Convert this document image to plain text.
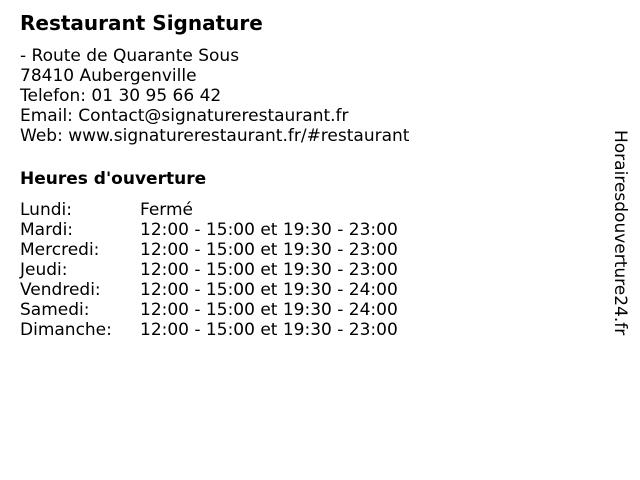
Restaurant Signature
- Route de Quarante Sous
78410 Aubergenville
Telefon: 01 30 95 66 42
Email: Contact@signaturerestaurant.fr
Web: www.signaturerestaurant.fr/#restaurant
Heures d'ouverture
Lundi:	Fermé
Mardi:	12:00 - 15:00 et 19:30 - 23:00
Mercredi:	12:00 - 15:00 et 19:30 - 23:00
Jeudi:	12:00 - 15:00 et 19:30 - 23:00
Vendredi:	12:00 - 15:00 et 19:30 - 24:00
Samedi:	12:00 - 15:00 et 19:30 - 24:00
Dimanche:	12:00 - 15:00 et 19:30 - 23:00	Horairesdouverture24.fr
